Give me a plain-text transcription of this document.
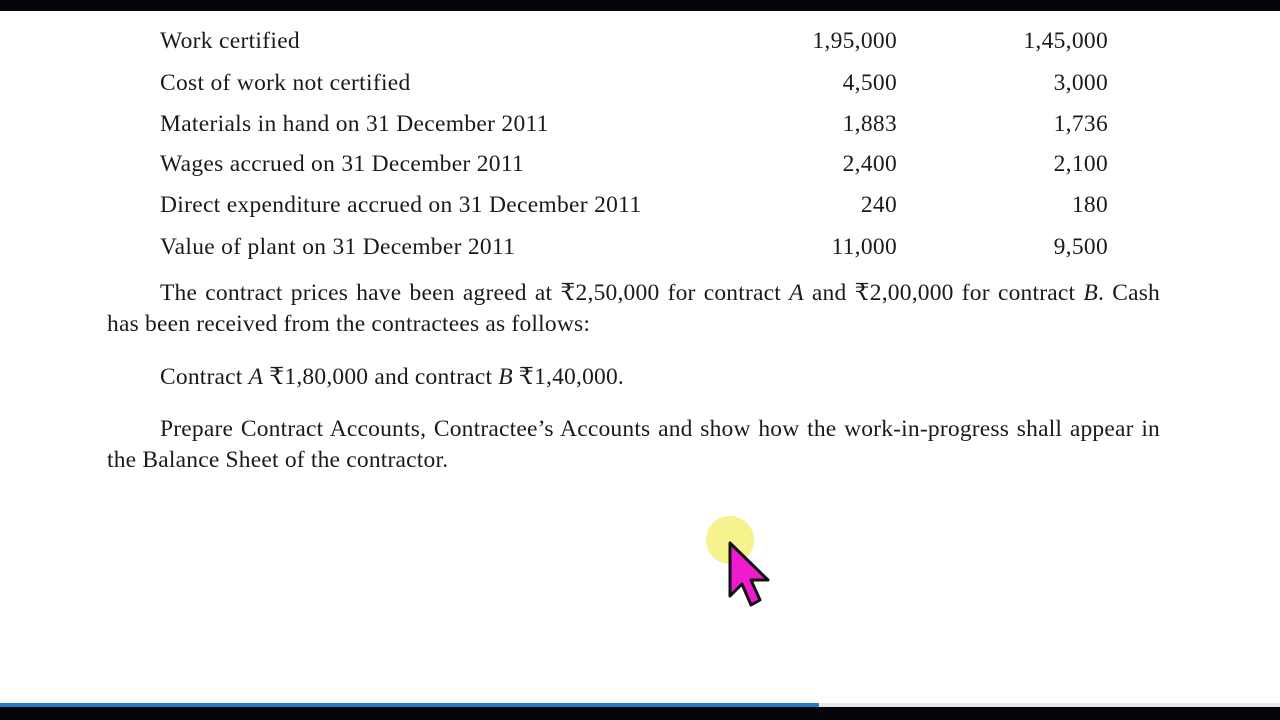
Work certified	1,95,000	1,45,000
Cost of work not certified	4,500	3,000
Materials in hand on 31 December 2011	1,883	1,736
Wages accrued on 31 December 2011	2,400	2,100
Direct expenditure accrued on 31 December 2011	240	180
Value of plant on 31 December 2011	11,000	9,500

The contract prices have been agreed at ₹2,50,000 for contract A and ₹2,00,000 for contract B. Cash has been received from the contractees as follows:

Contract A ₹1,80,000 and contract B ₹1,40,000.

Prepare Contract Accounts, Contractee’s Accounts and show how the work-in-progress shall appear in the Balance Sheet of the contractor.
